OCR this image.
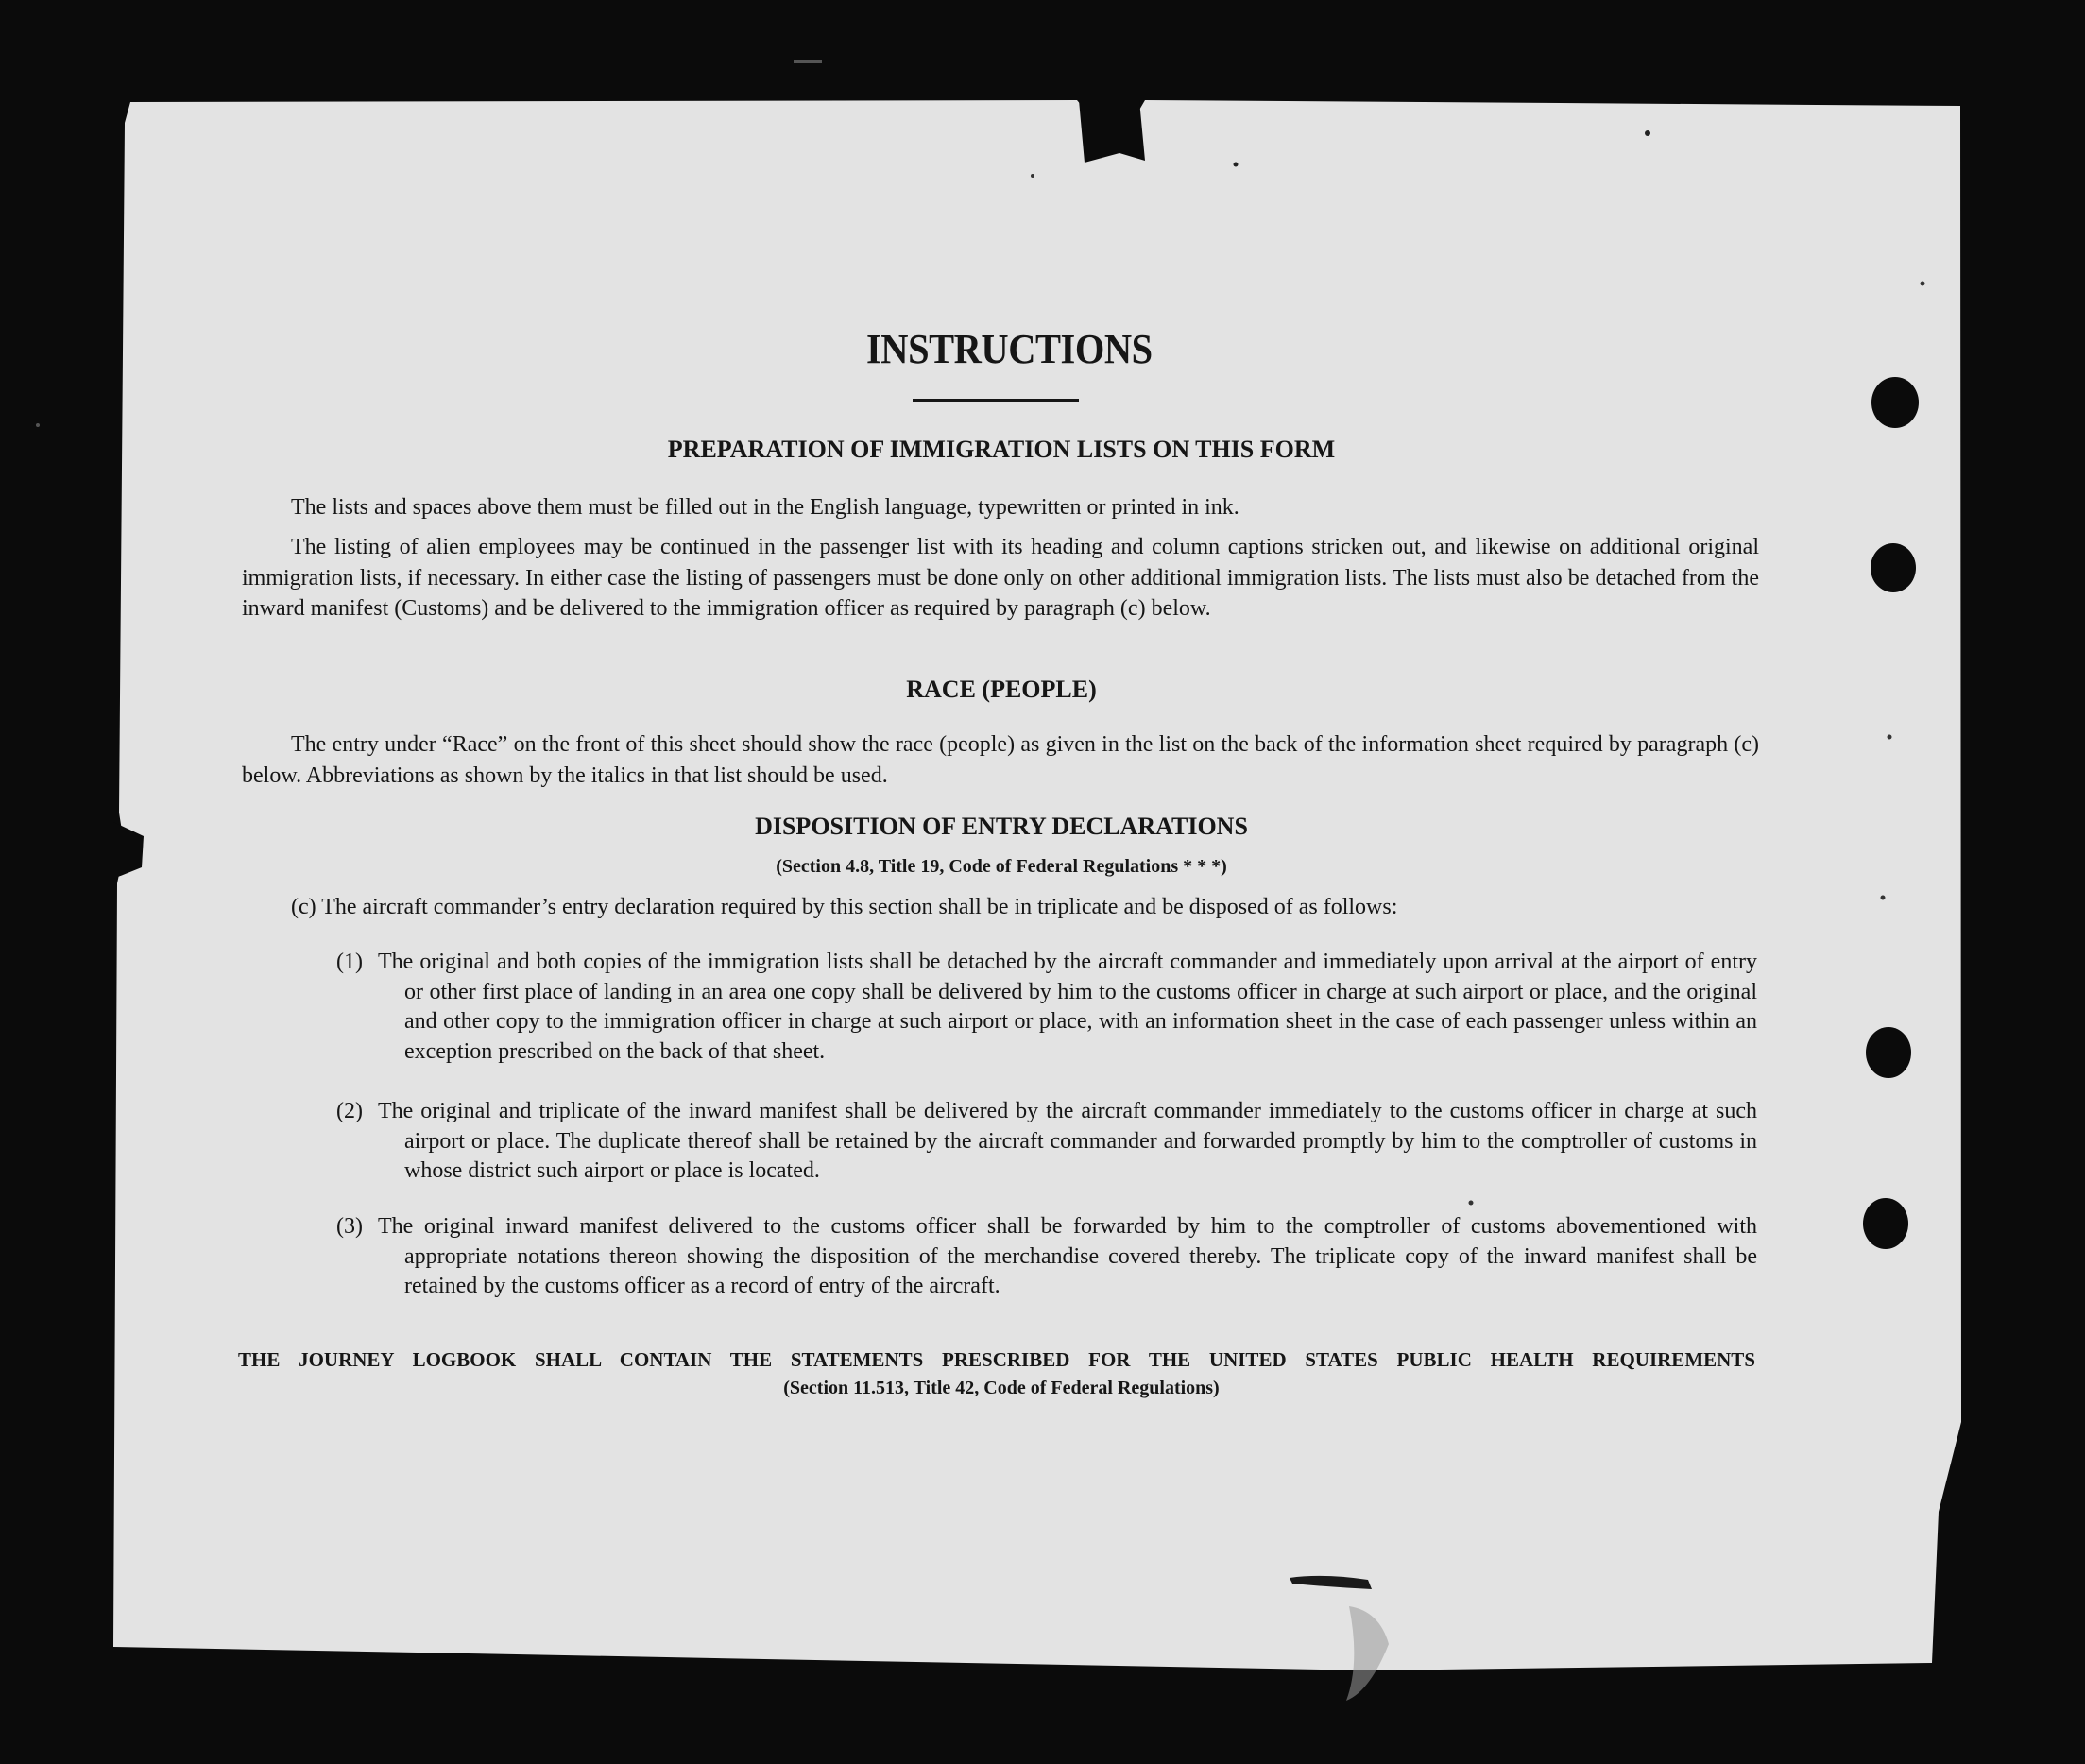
INSTRUCTIONS
PREPARATION OF IMMIGRATION LISTS ON THIS FORM

The lists and spaces above them must be filled out in the English language, typewritten or printed in ink.

The listing of alien employees may be continued in the passenger list with its heading and column captions stricken out, and likewise on additional original immigration lists, if necessary. In either case the listing of passengers must be done only on other additional immigration lists. The lists must also be detached from the inward manifest (Customs) and be delivered to the immigration officer as required by paragraph (c) below.

RACE (PEOPLE)

The entry under “Race” on the front of this sheet should show the race (people) as given in the list on the back of the information sheet required by paragraph (c) below. Abbreviations as shown by the italics in that list should be used.

DISPOSITION OF ENTRY DECLARATIONS

(Section 4.8, Title 19, Code of Federal Regulations * * *)

(c) The aircraft commander’s entry declaration required by this section shall be in triplicate and be disposed of as follows:

(1) The original and both copies of the immigration lists shall be detached by the aircraft commander and immediately upon arrival at the airport of entry or other first place of landing in an area one copy shall be delivered by him to the customs officer in charge at such airport or place, and the original and other copy to the immigration officer in charge at such airport or place, with an information sheet in the case of each passenger unless within an exception prescribed on the back of that sheet.
(2) The original and triplicate of the inward manifest shall be delivered by the aircraft commander immediately to the customs officer in charge at such airport or place. The duplicate thereof shall be retained by the aircraft commander and forwarded promptly by him to the comptroller of customs in whose district such airport or place is located.
(3) The original inward manifest delivered to the customs officer shall be forwarded by him to the comptroller of customs abovementioned with appropriate notations thereon showing the disposition of the merchandise covered thereby. The triplicate copy of the inward manifest shall be retained by the customs officer as a record of entry of the aircraft.

THE JOURNEY LOGBOOK SHALL CONTAIN THE STATEMENTS PRESCRIBED FOR THE UNITED STATES PUBLIC HEALTH REQUIREMENTS

(Section 11.513, Title 42, Code of Federal Regulations)
